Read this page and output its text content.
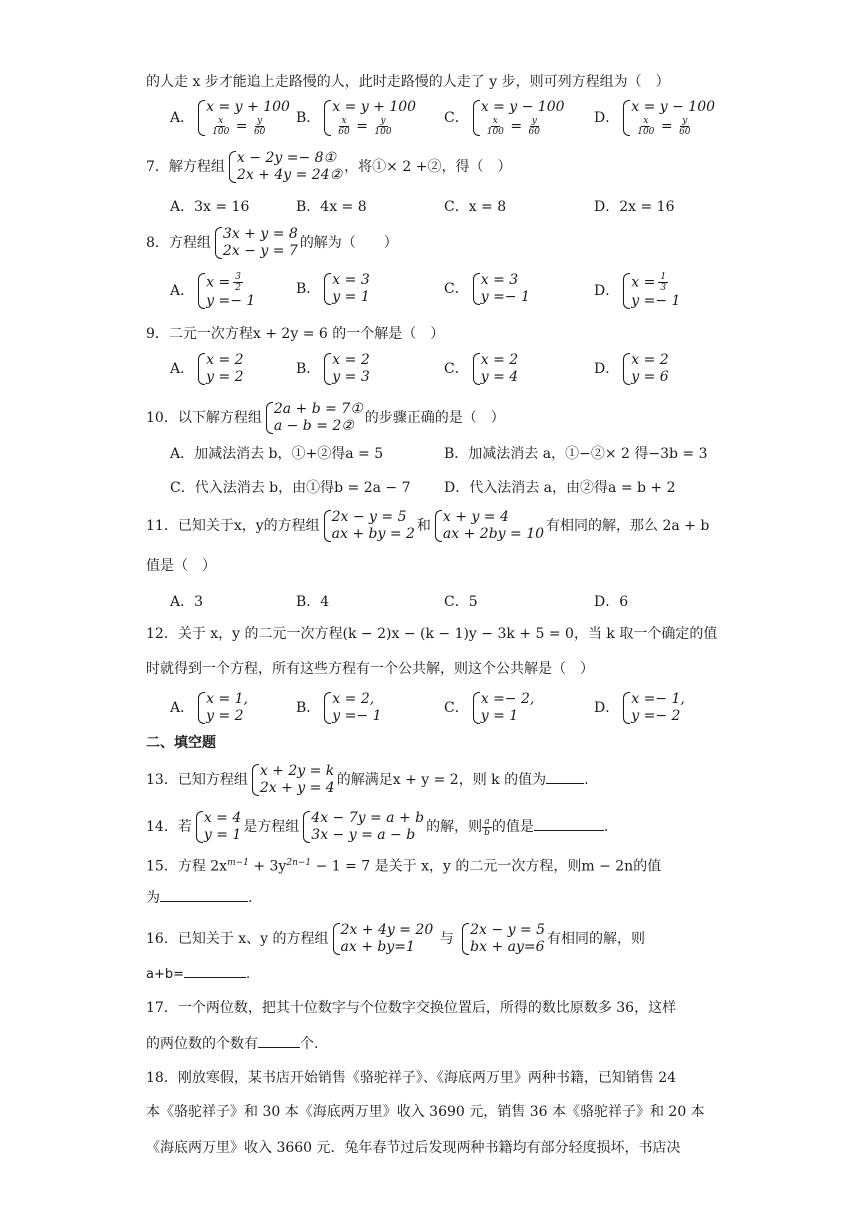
的人走 x 步才能追上走路慢的人，此时走路慢的人走了 y 步，则可列方程组为（　）
A．
x = y + 100
$\frac{x}{100} = \frac{y}{60}$ B．
x = y + 100
$\frac{x}{60} = \frac{y}{100}$	C．
x = y − 100
$\frac{x}{100} = \frac{y}{60}$	D．
x = y − 100
$\frac{x}{100} = \frac{y}{60}$
7．解方程组
x − 2y =− 8①
2x + 4y = 24② ，将①× 2 +②，得（　）
A．3x = 16	B．4x = 8	C．x = 8	D．2x = 16
8．方程组
3x + y = 8
2x − y = 7 的解为（　　）
A．
$x = \frac{3}{2}$
y =− 1
B．
x = 3
y = 1	C．
x = 3
y =− 1	D．
$x = \frac{1}{3}$
y =− 1
9．二元一次方程x + 2y = 6 的一个解是（　）
A．
x = 2
y = 2	B．
x = 2
y = 3	C．
x = 2
y = 4	D．
x = 2
y = 6
10．以下解方程组
2a + b = 7①
a − b = 2② 的步骤正确的是（　）
A．加减法消去 b，①+②得a = 5	B．加减法消去 a，①−②× 2 得−3b = 3
C．代入法消去 b，由①得b = 2a − 7 D．代入法消去 a，由②得a = b + 2
11．已知关于x，y的方程组
2x − y = 5
ax + by = 2 和
x + y = 4
ax + 2by = 10 有相同的解，那么 2a + b
值是（　）
A．3	B．4	C．5	D．6
12．关于 x，y 的二元一次方程(k − 2)x − (k − 1)y − 3k + 5 = 0，当 k 取一个确定的值
时就得到一个方程，所有这些方程有一个公共解，则这个公共解是（　）
A．
x = 1,
y = 2	B．
x = 2,
y =− 1	C．
x =− 2,
y = 1	D．
x =− 1,
y =− 2
二、填空题
13．已知方程组
x + 2y = k
2x + y = 4 的解满足x + y = 2，则 k 的值为	.
14．若
x = 4
y = 1 是方程组
4x − 7y = a + b
3x − y = a − b 的解，则 $\frac{a}{b}$ 的值是	.
15．方程 $2x^{m-1} + 3y^{2n-1} - 1 = 7$ 是关于 x，y 的二元一次方程，则m − 2n的值
为	.
16．已知关于 x、y 的方程组
2x + 4y = 20
ax + by=1	与
2x − y = 5
bx + ay=6 有相同的解，则
a+b=	.
17．一个两位数，把其十位数字与个位数字交换位置后，所得的数比原数多 36，这样
的两位数的个数有	个.
18．刚放寒假，某书店开始销售《骆驼祥子》、《海底两万里》两种书籍，已知销售 24
本《骆驼祥子》和 30 本《海底两万里》收入 3690 元，销售 36 本《骆驼祥子》和 20 本
《海底两万里》收入 3660 元．兔年春节过后发现两种书籍均有部分轻度损坏，书店决
